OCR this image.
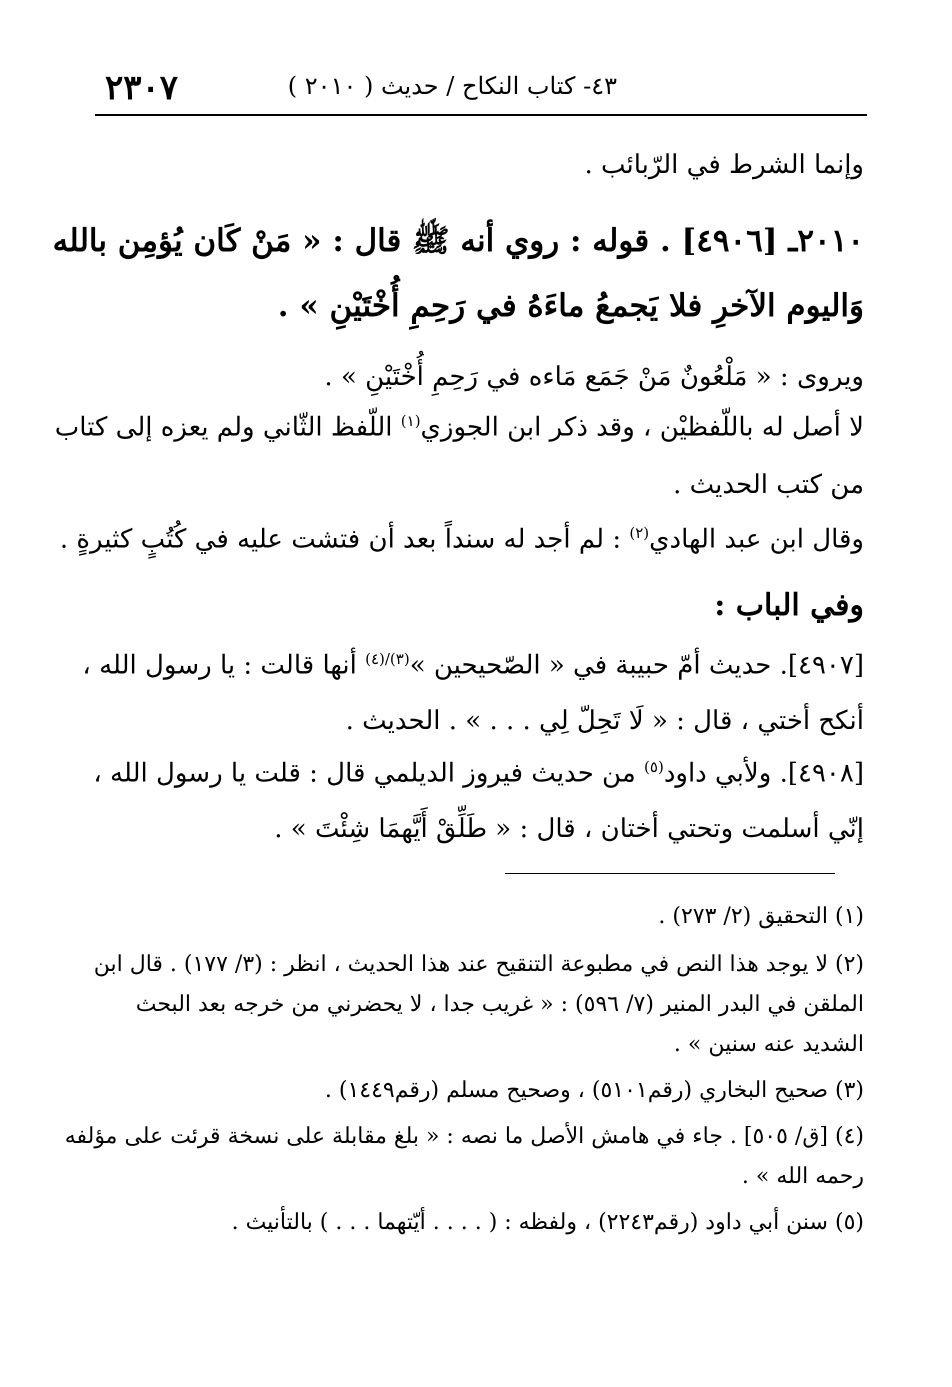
٢٣٠٧	٤٣- كتاب النكاح / حديث ( ٢٠١٠ )
وإنما الشرط في الرّبائب .
٢٠١٠ـ [٤٩٠٦] . قوله : روي أنه ﷺ قال : « مَنْ كَان يُؤمِن بالله
وَاليوم الآخرِ فلا يَجمعُ ماءَهُ في رَحِمِ أُخْتَيْنِ » .
ويروى : « مَلْعُونٌ مَنْ جَمَع مَاءه في رَحِمِ أُخْتَيْنِ » .
لا أصل له باللّفظيْن ، وقد ذكر ابن الجوزي$^{(١)}$ اللّفظ الثّاني ولم يعزه إلى كتاب
من كتب الحديث .
وقال ابن عبد الهادي$^{(٢)}$ : لم أجد له سنداً بعد أن فتشت عليه في كُتُبٍ كثيرةٍ .
وفي الباب :
[٤٩٠٧]. حديث أمّ حبيبة في « الصّحيحين »$^{(٣)/(٤)}$ أنها قالت : يا رسول الله ،
أنكح أختي ، قال : « لَا تَحِلّ لِي . . . » . الحديث .
[٤٩٠٨]. ولأبي داود$^{(٥)}$ من حديث فيروز الديلمي قال : قلت يا رسول الله ،
إنّي أسلمت وتحتي أختان ، قال : « طَلِّقْ أَيَّهمَا شِئْتَ » .
(١) التحقيق (٢/ ٢٧٣) .
(٢) لا يوجد هذا النص في مطبوعة التنقيح عند هذا الحديث ، انظر : (٣/ ١٧٧) . قال ابن
الملقن في البدر المنير (٧/ ٥٩٦) : « غريب جدا ، لا يحضرني من خرجه بعد البحث
الشديد عنه سنين » .
(٣) صحيح البخاري (رقم٥١٠١) ، وصحيح مسلم (رقم١٤٤٩) .
(٤) [ق/ ٥٠٥] . جاء في هامش الأصل ما نصه : « بلغ مقابلة على نسخة قرئت على مؤلفه
رحمه الله » .
(٥) سنن أبي داود (رقم٢٢٤٣) ، ولفظه : ( . . . . أيّتهما . . . ) بالتأنيث .
